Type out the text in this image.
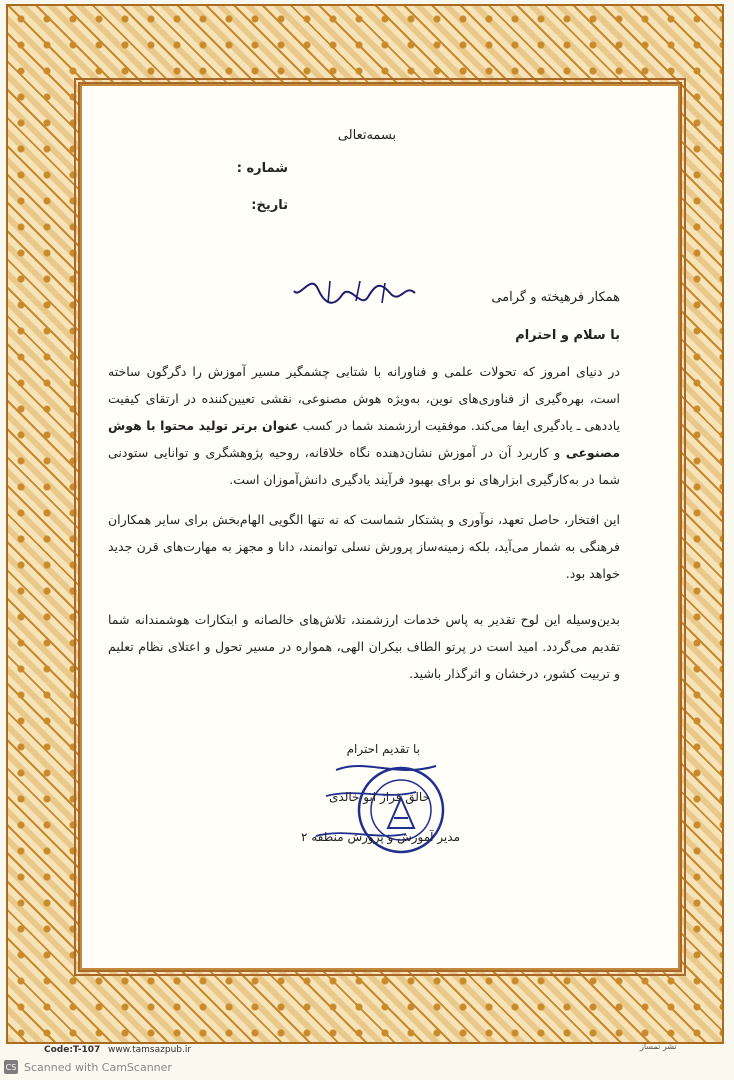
بسمه‌تعالی
شماره :
تاریخ:
همکار فرهیخته و گرامی
با سلام و احترام
در دنیای امروز که تحولات علمی و فناورانه با شتابی چشمگیر مسیر آموزش را دگرگون ساخته است، بهره‌گیری از فناوری‌های نوین، به‌ویژه هوش مصنوعی، نقشی تعیین‌کننده در ارتقای کیفیت یاددهی ـ یادگیری ایفا می‌کند. موفقیت ارزشمند شما در کسب عنوان برتر تولید محتوا با هوش مصنوعی و کاربرد آن در آموزش نشان‌دهنده نگاه خلاقانه، روحیه پژوهشگری و توانایی ستودنی شما در به‌کارگیری ابزارهای نو برای بهبود فرآیند یادگیری دانش‌آموزان است.
این افتخار، حاصل تعهد، نوآوری و پشتکار شماست که نه تنها الگویی الهام‌بخش برای سایر همکاران فرهنگی به شمار می‌آید، بلکه زمینه‌ساز پرورش نسلی توانمند، دانا و مجهز به مهارت‌های قرن جدید خواهد بود.
بدین‌وسیله این لوح تقدیر به پاس خدمات ارزشمند، تلاش‌های خالصانه و ابتکارات هوشمندانه شما تقدیم می‌گردد. امید است در پرتو الطاف بیکران الهی، همواره در مسیر تحول و اعتلای نظام تعلیم و تربیت کشور، درخشان و اثرگذار باشید.
با تقدیم احترام
خالق فراز ابو خالدی
مدیر آموزش و پرورش منطقه ۲
Code:T-107 www.tamsazpub.ir	نشر تمساز
CS Scanned with CamScanner
